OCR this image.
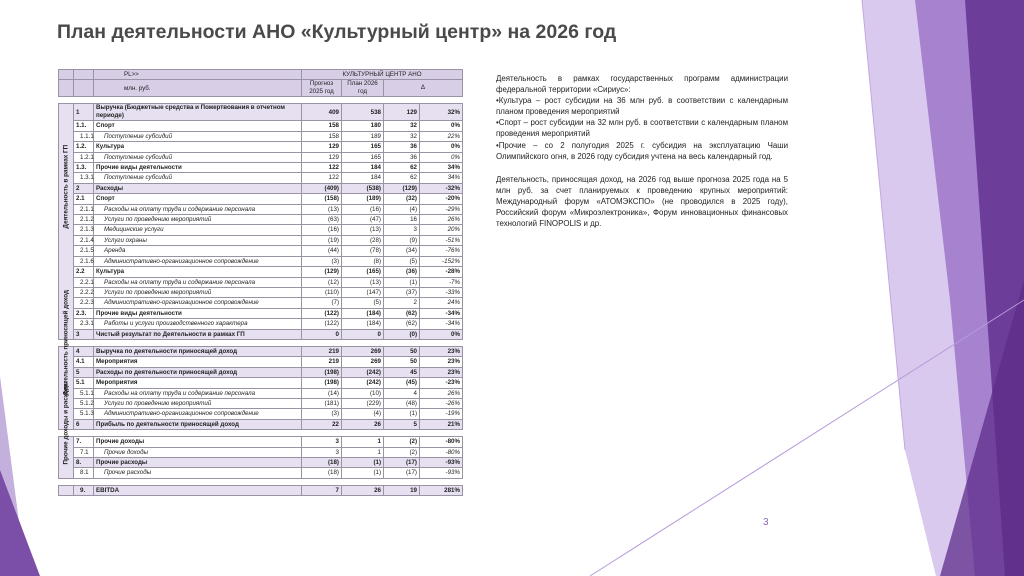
План деятельности АНО «Культурный центр» на 2026 год
		PL>>	КУЛЬТУРНЫЙ ЦЕНТР АНО			
		млн. руб.	Прогноз 2025 год	План 2026 год	Δ	

Деятельность в рамках ГП	1	Выручка (Бюджетные средства и Пожертвования в отчетном периоде)	409	538	129	32%
	1.1.	Спорт	158	180	32	0%
	1.1.1	Поступление субсидий	158	189	32	22%
	1.2.	Культура	129	165	36	0%
	1.2.1	Поступление субсидий	129	165	36	0%
	1.3.	Прочие виды деятельности	122	184	62	34%
	1.3.1	Поступление субсидий	122	184	62	34%
	2	Расходы	(409)	(538)	(129)	-32%
	2.1	Спорт	(158)	(189)	(32)	-20%
	2.1.1	Расходы на оплату труда и содержание персонала	(13)	(16)	(4)	-29%
	2.1.2	Услуги по проведению мероприятий	(63)	(47)	16	26%
	2.1.3	Медицинские услуги	(16)	(13)	3	20%
	2.1.4	Услуги охраны	(19)	(28)	(9)	-51%
	2.1.5	Аренда	(44)	(78)	(34)	-76%
	2.1.6	Административно-организационное сопровождение	(3)	(8)	(5)	-152%
	2.2	Культура	(129)	(165)	(36)	-28%
	2.2.1	Расходы на оплату труда и содержание персонала	(12)	(13)	(1)	-7%
	2.2.2	Услуги по проведению мероприятий	(110)	(147)	(37)	-33%
	2.2.3	Административно-организационное сопровождение	(7)	(5)	2	24%
	2.3.	Прочие виды деятельности	(122)	(184)	(62)	-34%
	2.3.1	Работы и услуги производственного характера	(122)	(184)	(62)	-34%
	3	Чистый результат по Деятельности в рамках ГП	0	0	(0)	0%

	4	Выручка по деятельности приносящей доход	219	269	50	23%
	4.1	Мероприятия	219	269	50	23%
	5	Расходы по деятельности приносящей доход	(198)	(242)	45	23%
	5.1	Мероприятия	(198)	(242)	(45)	-23%
	5.1.1	Расходы на оплату труда и содержание персонала	(14)	(10)	4	26%
	5.1.2	Услуги по проведению мероприятий	(181)	(229)	(48)	-26%
	5.1.3	Административно-организационное сопровождение	(3)	(4)	(1)	-19%
	6	Прибыль по деятельности приносящей доход	22	26	5	21%

	7.	Прочие доходы	3	1	(2)	-80%
	7.1	Прочие доходы	3	1	(2)	-80%
	8.	Прочие расходы	(18)	(1)	(17)	-93%
	8.1	Прочие расходы	(18)	(1)	(17)	-93%

	9.	EBITDA	7	26	19	281%

Деятельность в рамках государственных программ администрации федеральной территории «Сириус»:

•Культура – рост субсидии на 36 млн руб. в соответствии с календарным планом проведения мероприятий

•Спорт – рост субсидии на 32 млн руб. в соответствии с календарным планом проведения мероприятий

•Прочие – со 2 полугодия 2025 г. субсидия на эксплуатацию Чаши Олимпийского огня, в 2026 году субсидия учтена на весь календарный год.

Деятельность, приносящая доход, на 2026 год выше прогноза 2025 года на 5 млн руб. за счет планируемых к проведению крупных мероприятий: Международный форум «АТОМЭКСПО» (не проводился в 2025 году), Российский форум «Микроэлектроника», Форум инновационных финансовых технологий FINOPOLIS и др.

3
